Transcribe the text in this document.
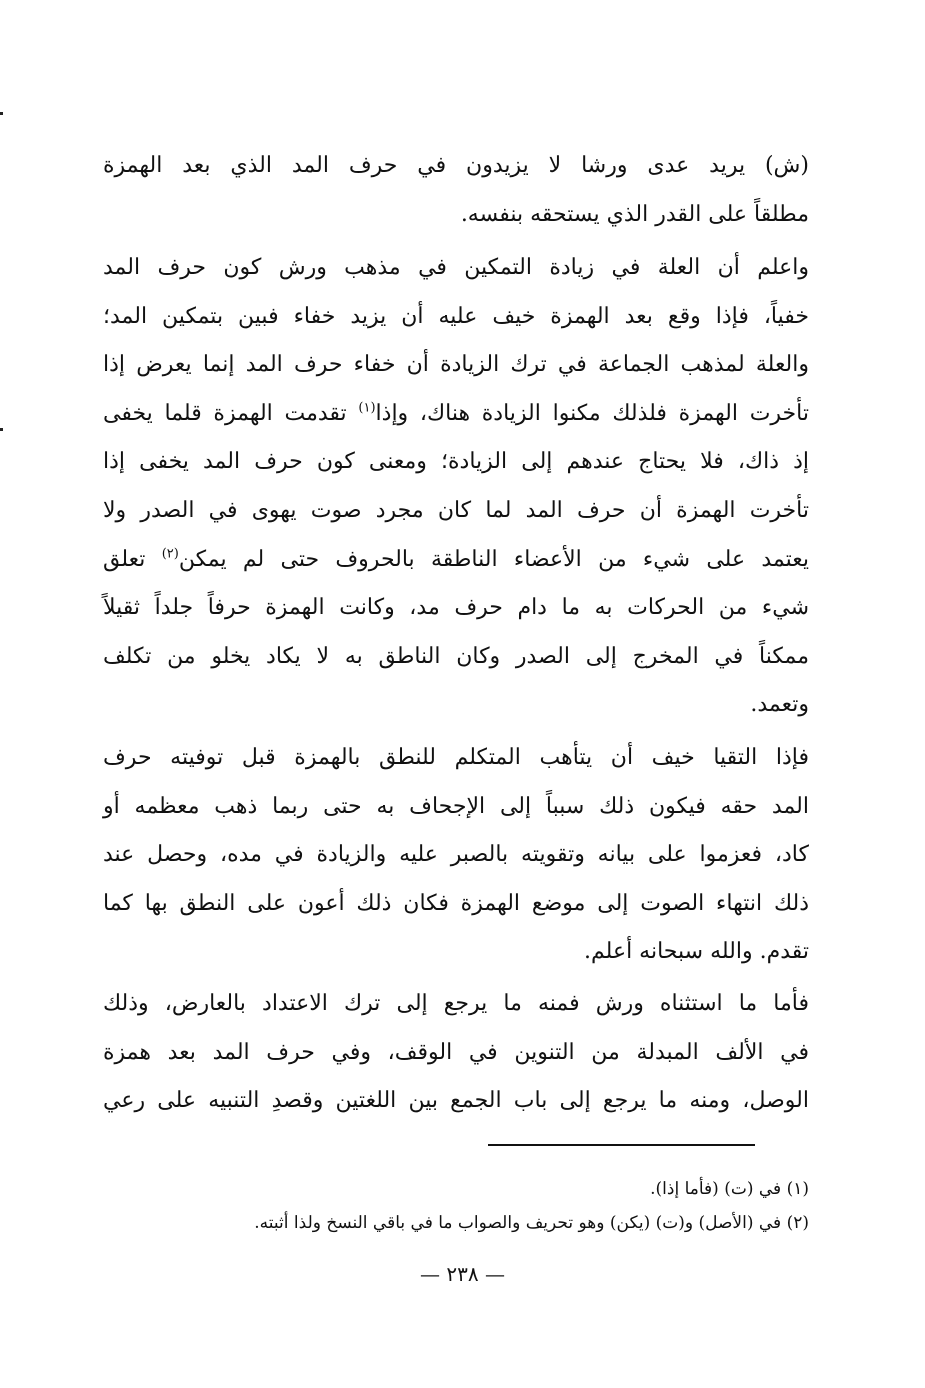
(ش) يريد عدى ورشا لا يزيدون في حرف المد الذي بعد الهمزة
مطلقاً على القدر الذي يستحقه بنفسه.
واعلم أن العلة في زيادة التمكين في مذهب ورش كون حرف المد
خفياً، فإذا وقع بعد الهمزة خيف عليه أن يزيد خفاء فبين بتمكين المد؛
والعلة لمذهب الجماعة في ترك الزيادة أن خفاء حرف المد إنما يعرض إذا
تأخرت الهمزة فلذلك مكنوا الزيادة هناك، وإذا$^{(١)}$ تقدمت الهمزة قلما يخفى
إذ ذاك، فلا يحتاج عندهم إلى الزيادة؛ ومعنى كون حرف المد يخفى إذا
تأخرت الهمزة أن حرف المد لما كان مجرد صوت يهوى في الصدر ولا
يعتمد على شيء من الأعضاء الناطقة بالحروف حتى لم يمكن$^{(٢)}$ تعلق
شيء من الحركات به ما دام حرف مد، وكانت الهمزة حرفاً جلداً ثقيلاً
ممكناً في المخرج إلى الصدر وكان الناطق به لا يكاد يخلو من تكلف
وتعمد.
فإذا التقيا خيف أن يتأهب المتكلم للنطق بالهمزة قبل توفيته حرف
المد حقه فيكون ذلك سبباً إلى الإجحاف به حتى ربما ذهب معظمه أو
كاد، فعزموا على بيانه وتقويته بالصبر عليه والزيادة في مده، وحصل عند
ذلك انتهاء الصوت إلى موضع الهمزة فكان ذلك أعون على النطق بها كما
تقدم. والله سبحانه أعلم.
فأما ما استثناه ورش فمنه ما يرجع إلى ترك الاعتداد بالعارض، وذلك
في الألف المبدلة من التنوين في الوقف، وفي حرف المد بعد همزة
الوصل، ومنه ما يرجع إلى باب الجمع بين اللغتين وقصدِ التنبيه على رعي
(١) في (ت) (فأما إذا).
(٢) في (الأصل) و(ت) (يكن) وهو تحريف والصواب ما في باقي النسخ ولذا أثبته.
— ٢٣٨ —
